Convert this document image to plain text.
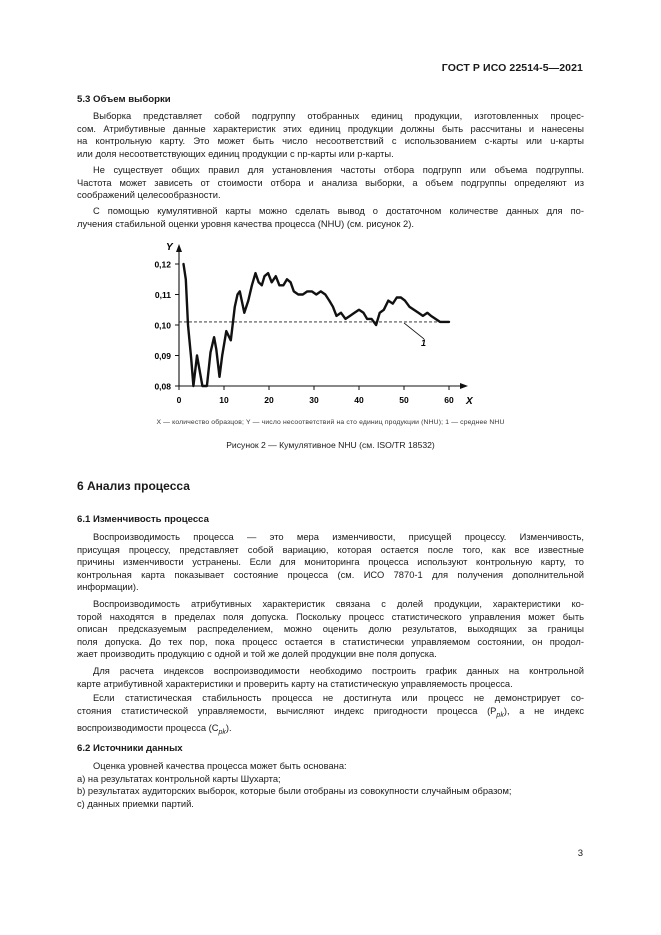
ГОСТ Р ИСО 22514-5—2021
5.3 Объем выборки
Выборка представляет собой подгруппу отобранных единиц продукции, изготовленных процес-
сом. Атрибутивные данные характеристик этих единиц продукции должны быть рассчитаны и нанесены
на контрольную карту. Это может быть число несоответствий с использованием c-карты или u-карты
или доля несоответствующих единиц продукции с np-карты или p-карты.
Не существует общих правил для установления частоты отбора подгрупп или объема подгруппы.
Частота может зависеть от стоимости отбора и анализа выборки, а объем подгруппы определяют из
соображений целесообразности.
С помощью кумулятивной карты можно сделать вывод о достаточном количестве данных для по-
лучения стабильной оценки уровня качества процесса (NHU) (см. рисунок 2).
Y
X
0,08
0,09
0,10
0,11
0,12
0	10	20	30	40	50	60
1
X — количество образцов; Y — число несоответствий на сто единиц продукции (NHU); 1 — среднее NHU
Рисунок 2 — Кумулятивное NHU (см. ISO/TR 18532)
6 Анализ процесса
6.1 Изменчивость процесса
Воспроизводимость процесса — это мера изменчивости, присущей процессу. Изменчивость,
присущая процессу, представляет собой вариацию, которая остается после того, как все известные
причины изменчивости устранены. Если для мониторинга процесса используют контрольную карту, то
контрольная карта показывает состояние процесса (см. ИСО 7870-1 для получения дополнительной
информации).
Воспроизводимость атрибутивных характеристик связана с долей продукции, характеристики ко-
торой находятся в пределах поля допуска. Поскольку процесс статистического управления может быть
описан предсказуемым распределением, можно оценить долю результатов, выходящих за границы
поля допуска. До тех пор, пока процесс остается в статистически управляемом состоянии, он продол-
жает производить продукцию с одной и той же долей продукции вне поля допуска.
Для расчета индексов воспроизводимости необходимо построить график данных на контрольной
карте атрибутивной характеристики и проверить карту на статистическую управляемость процесса.
Если статистическая стабильность процесса не достигнута или процесс не демонстрирует со-
стояния статистической управляемости, вычисляют индекс пригодности процесса $(P_{pk})$, а не индекс
воспроизводимости процесса $(C_{pk})$.
6.2 Источники данных
Оценка уровней качества процесса может быть основана:
a) на результатах контрольной карты Шухарта;
b) результатах аудиторских выборок, которые были отобраны из совокупности случайным образом;
c) данных приемки партий.
3
